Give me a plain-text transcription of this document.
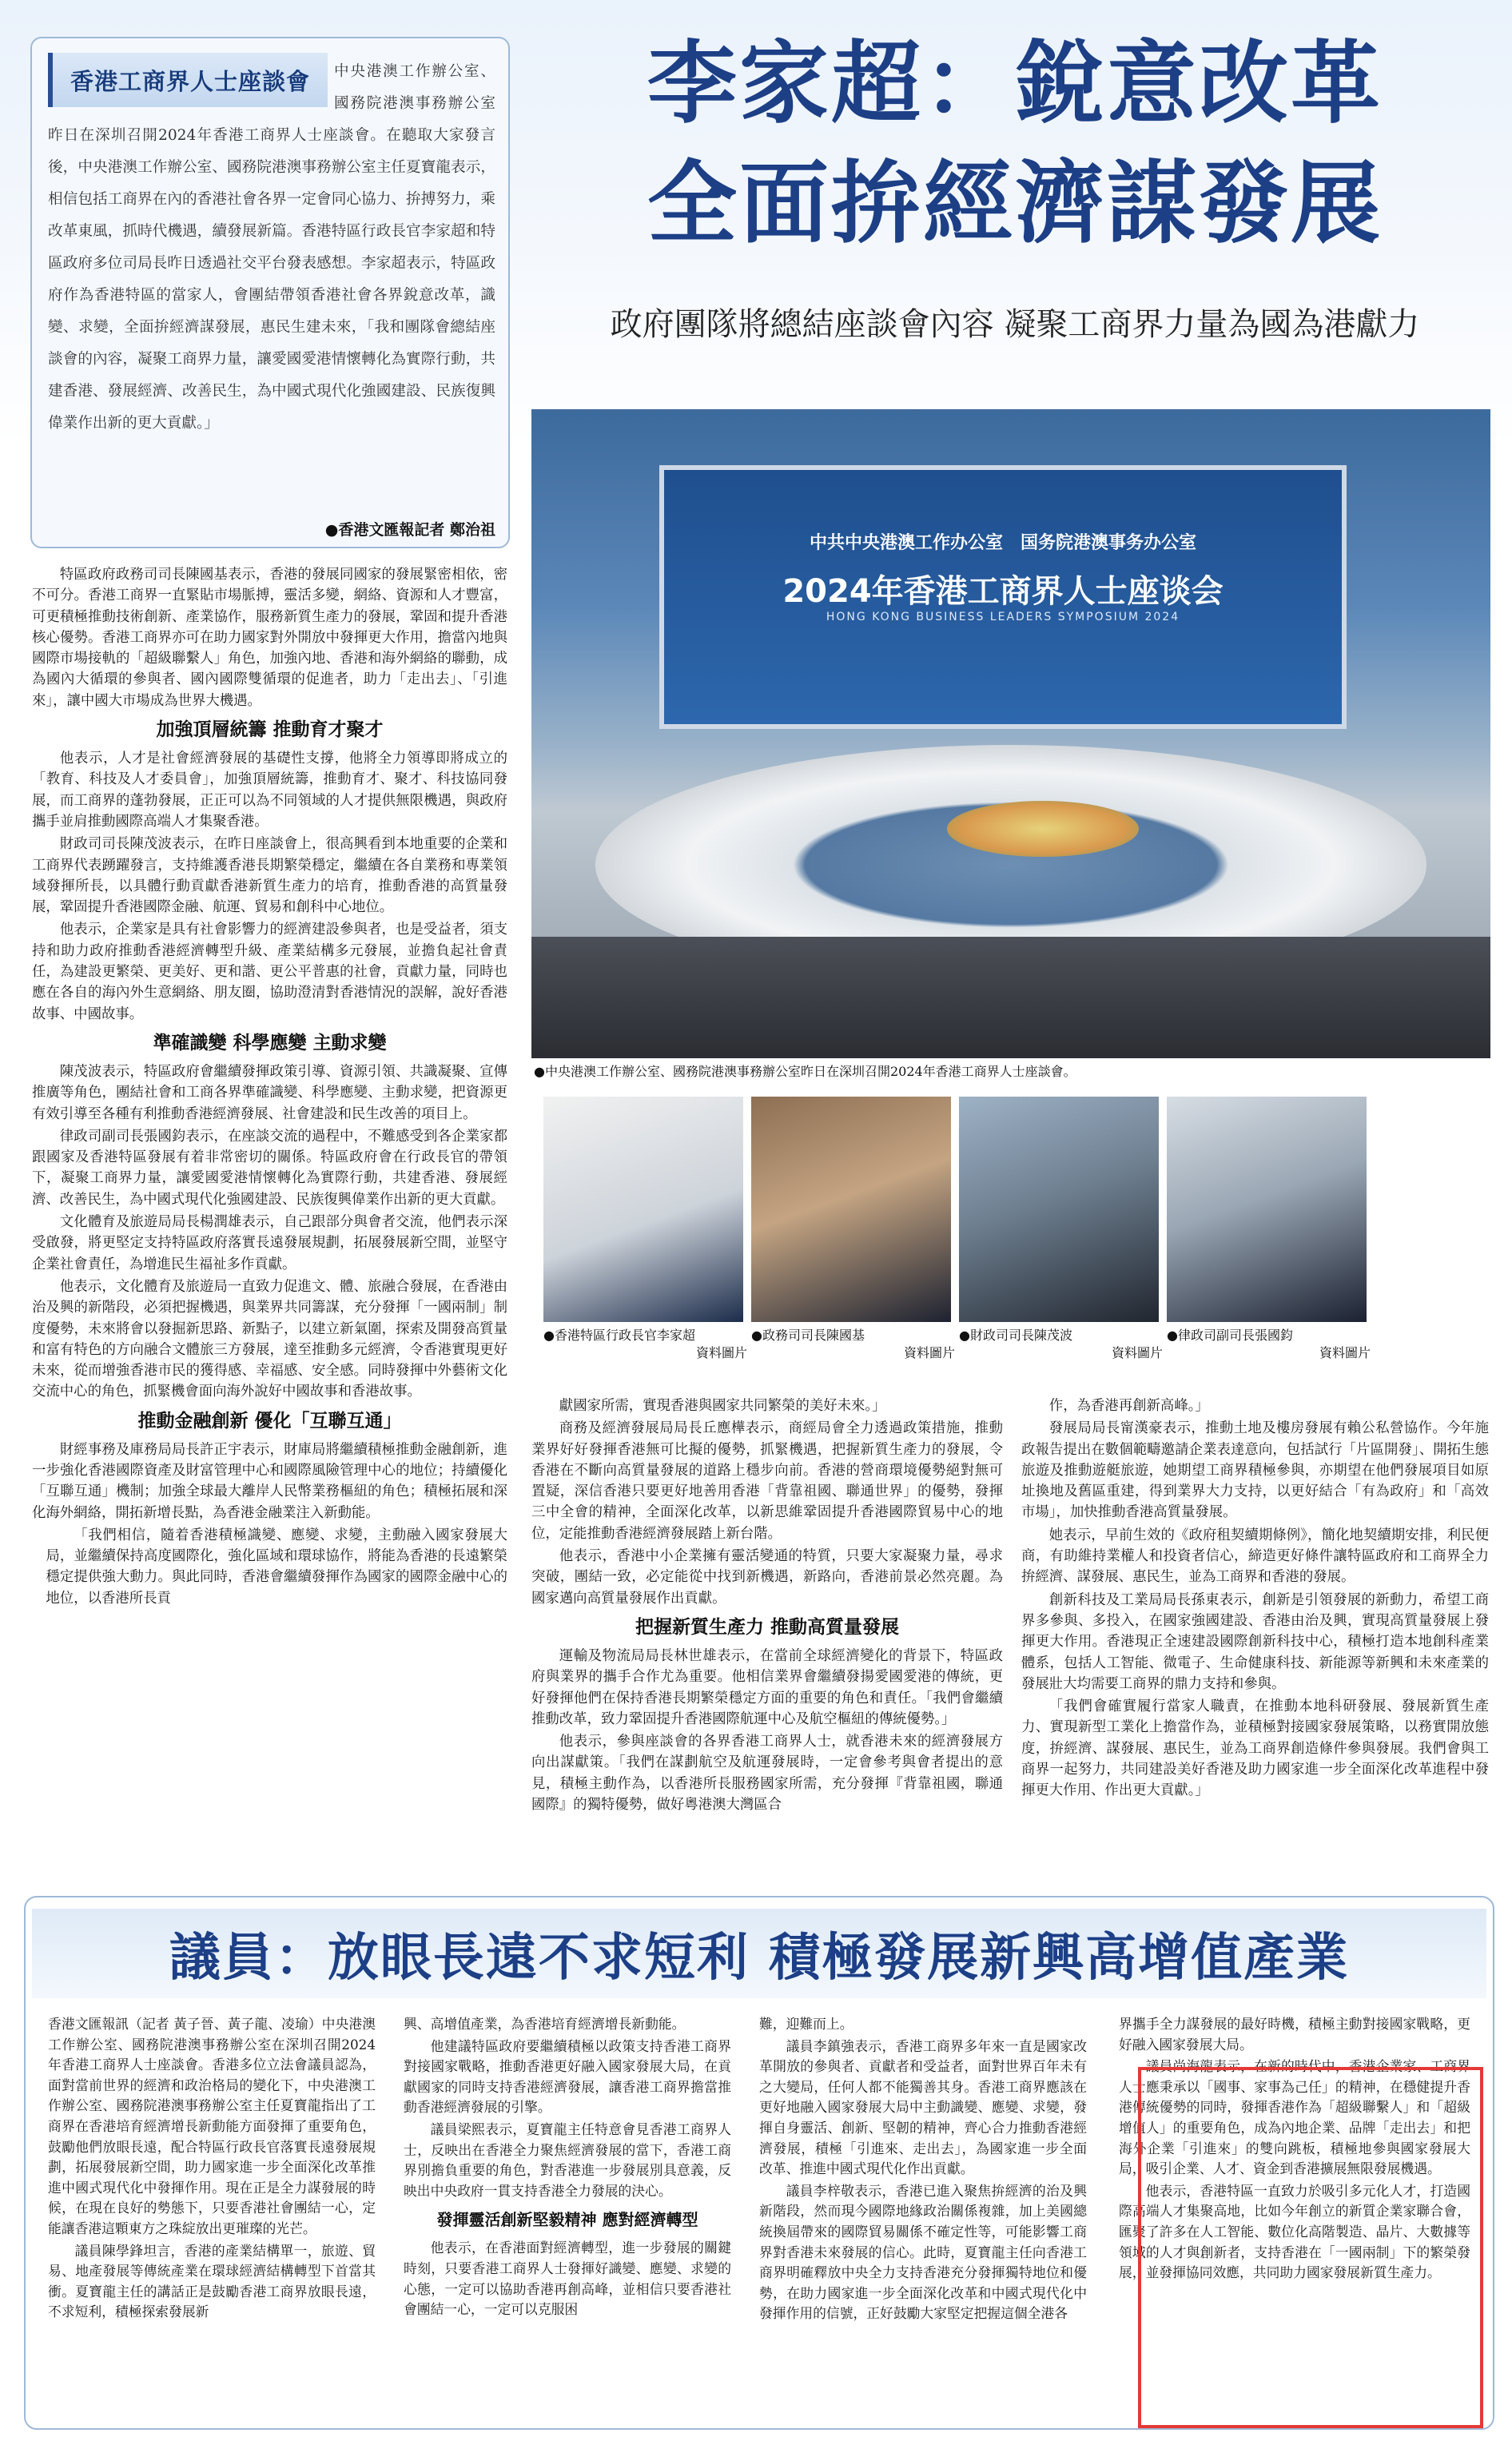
香港工商界人士座談會	中央港澳工作辦公室、國務院港澳事務辦公室昨日在深圳召開2024年香港工商界人士座談會。在聽取大家發言後，中央港澳工作辦公室、國務院港澳事務辦公室主任夏寶龍表示，相信包括工商界在內的香港社會各界一定會同心協力、拚搏努力，乘改革東風，抓時代機遇，續發展新篇。香港特區行政長官李家超和特區政府多位司局長昨日透過社交平台發表感想。李家超表示，特區政府作為香港特區的當家人，會團結帶領香港社會各界銳意改革，識變、求變，全面拚經濟謀發展，惠民生建未來，「我和團隊會總結座談會的內容，凝聚工商界力量，讓愛國愛港情懷轉化為實際行動，共建香港、發展經濟、改善民生，為中國式現代化強國建設、民族復興偉業作出新的更大貢獻。」
●香港文匯報記者 鄭治祖
李家超：銳意改革
全面拚經濟謀發展
政府團隊將總結座談會內容 凝聚工商界力量為國為港獻力
中共中央港澳工作办公室　国务院港澳事务办公室
2024年香港工商界人士座谈会
HONG KONG BUSINESS LEADERS SYMPOSIUM 2024
●中央港澳工作辦公室、國務院港澳事務辦公室昨日在深圳召開2024年香港工商界人士座談會。
●香港特區行政長官李家超
資料圖片
●政務司司長陳國基
資料圖片
●財政司司長陳茂波
資料圖片
●律政司副司長張國鈞
資料圖片

特區政府政務司司長陳國基表示，香港的發展同國家的發展緊密相依，密不可分。香港工商界一直緊貼市場脈搏，靈活多變，網絡、資源和人才豐富，可更積極推動技術創新、產業協作，服務新質生產力的發展，鞏固和提升香港核心優勢。香港工商界亦可在助力國家對外開放中發揮更大作用，擔當內地與國際市場接軌的「超級聯繫人」角色，加強內地、香港和海外網絡的聯動，成為國內大循環的參與者、國內國際雙循環的促進者，助力「走出去」、「引進來」，讓中國大市場成為世界大機遇。

加強頂層統籌 推動育才聚才

他表示，人才是社會經濟發展的基礎性支撐，他將全力領導即將成立的「教育、科技及人才委員會」，加強頂層統籌，推動育才、聚才、科技協同發展，而工商界的蓬勃發展，正正可以為不同領域的人才提供無限機遇，與政府攜手並肩推動國際高端人才集聚香港。

財政司司長陳茂波表示，在昨日座談會上，很高興看到本地重要的企業和工商界代表踴躍發言，支持維護香港長期繁榮穩定，繼續在各自業務和專業領域發揮所長，以具體行動貢獻香港新質生產力的培育，推動香港的高質量發展，鞏固提升香港國際金融、航運、貿易和創科中心地位。

他表示，企業家是具有社會影響力的經濟建設參與者，也是受益者，須支持和助力政府推動香港經濟轉型升級、產業結構多元發展，並擔負起社會責任，為建設更繁榮、更美好、更和諧、更公平普惠的社會，貢獻力量，同時也應在各自的海內外生意網絡、朋友圈，協助澄清對香港情況的誤解，說好香港故事、中國故事。

準確識變 科學應變 主動求變

陳茂波表示，特區政府會繼續發揮政策引導、資源引領、共識凝聚、宣傳推廣等角色，團結社會和工商各界準確識變、科學應變、主動求變，把資源更有效引導至各種有利推動香港經濟發展、社會建設和民生改善的項目上。

律政司副司長張國鈞表示，在座談交流的過程中，不難感受到各企業家都跟國家及香港特區發展有着非常密切的關係。特區政府會在行政長官的帶領下，凝聚工商界力量，讓愛國愛港情懷轉化為實際行動，共建香港、發展經濟、改善民生，為中國式現代化強國建設、民族復興偉業作出新的更大貢獻。

文化體育及旅遊局局長楊潤雄表示，自己跟部分與會者交流，他們表示深受啟發，將更堅定支持特區政府落實長遠發展規劃，拓展發展新空間，並堅守企業社會責任，為增進民生福祉多作貢獻。

他表示，文化體育及旅遊局一直致力促進文、體、旅融合發展，在香港由治及興的新階段，必須把握機遇，與業界共同籌謀，充分發揮「一國兩制」制度優勢，未來將會以發掘新思路、新點子，以建立新氣圍，探索及開發高質量和富有特色的方向融合文體旅三方發展，達至推動多元經濟，令香港實現更好未來，從而增強香港市民的獲得感、幸福感、安全感。同時發揮中外藝術文化交流中心的角色，抓緊機會面向海外說好中國故事和香港故事。

推動金融創新 優化「互聯互通」

財經事務及庫務局局長許正宇表示，財庫局將繼續積極推動金融創新，進一步強化香港國際資產及財富管理中心和國際風險管理中心的地位；持續優化「互聯互通」機制；加強全球最大離岸人民幣業務樞紐的角色；積極拓展和深化海外網絡，開拓新增長點，為香港金融業注入新動能。

「我們相信，隨着香港積極識變、應變、求變，主動融入國家發展大局，並繼續保持高度國際化，強化區域和環球協作，將能為香港的長遠繁榮穩定提供強大動力。與此同時，香港會繼續發揮作為國家的國際金融中心的地位，以香港所長貢

獻國家所需，實現香港與國家共同繁榮的美好未來。」

商務及經濟發展局局長丘應樺表示，商經局會全力透過政策措施，推動業界好好發揮香港無可比擬的優勢，抓緊機遇，把握新質生產力的發展，令香港在不斷向高質量發展的道路上穩步向前。香港的營商環境優勢絕對無可置疑，深信香港只要更好地善用香港「背靠祖國、聯通世界」的優勢，發揮三中全會的精神，全面深化改革，以新思維鞏固提升香港國際貿易中心的地位，定能推動香港經濟發展踏上新台階。

他表示，香港中小企業擁有靈活變通的特質，只要大家凝聚力量，尋求突破，團結一致，必定能從中找到新機遇，新路向，香港前景必然亮麗。為國家邁向高質量發展作出貢獻。

把握新質生產力 推動高質量發展

運輸及物流局局長林世雄表示，在當前全球經濟變化的背景下，特區政府與業界的攜手合作尤為重要。他相信業界會繼續發揚愛國愛港的傳統，更好發揮他們在保持香港長期繁榮穩定方面的重要的角色和責任。「我們會繼續推動改革，致力鞏固提升香港國際航運中心及航空樞紐的傳統優勢。」

他表示，參與座談會的各界香港工商界人士，就香港未來的經濟發展方向出謀獻策。「我們在謀劃航空及航運發展時，一定會參考與會者提出的意見，積極主動作為，以香港所長服務國家所需，充分發揮『背靠祖國，聯通國際』的獨特優勢，做好粵港澳大灣區合

作，為香港再創新高峰。」

發展局局長甯漢豪表示，推動土地及樓房發展有賴公私營協作。今年施政報告提出在數個範疇邀請企業表達意向，包括試行「片區開發」、開拓生態旅遊及推動遊艇旅遊，她期望工商界積極參與，亦期望在他們發展項目如原址換地及舊區重建，得到業界大力支持，以更好結合「有為政府」和「高效市場」，加快推動香港高質量發展。

她表示，早前生效的《政府租契續期條例》，簡化地契續期安排，利民便商，有助維持業權人和投資者信心，締造更好條件讓特區政府和工商界全力拚經濟、謀發展、惠民生，並為工商界和香港的發展。

創新科技及工業局局長孫東表示，創新是引領發展的新動力，希望工商界多參與、多投入，在國家強國建設、香港由治及興，實現高質量發展上發揮更大作用。香港現正全速建設國際創新科技中心，積極打造本地創科產業體系，包括人工智能、微電子、生命健康科技、新能源等新興和未來產業的發展壯大均需要工商界的鼎力支持和參與。

「我們會確實履行當家人職責，在推動本地科研發展、發展新質生產力、實現新型工業化上擔當作為，並積極對接國家發展策略，以務實開放態度，拚經濟、謀發展、惠民生，並為工商界創造條件參與發展。我們會與工商界一起努力，共同建設美好香港及助力國家進一步全面深化改革進程中發揮更大作用、作出更大貢獻。」

議員：放眼長遠不求短利 積極發展新興高增值產業

香港文匯報訊（記者 黃子晉、黃子龍、凌瑜）中央港澳工作辦公室、國務院港澳事務辦公室在深圳召開2024年香港工商界人士座談會。香港多位立法會議員認為，面對當前世界的經濟和政治格局的變化下，中央港澳工作辦公室、國務院港澳事務辦公室主任夏寶龍指出了工商界在香港培育經濟增長新動能方面發揮了重要角色，鼓勵他們放眼長遠，配合特區行政長官落實長遠發展規劃，拓展發展新空間，助力國家進一步全面深化改革推進中國式現代化中發揮作用。現在正是全力謀發展的時候，在現在良好的勢態下，只要香港社會團結一心，定能讓香港這顆東方之珠綻放出更璀璨的光芒。

議員陳學鋒坦言，香港的產業結構單一，旅遊、貿易、地產發展等傳統產業在環球經濟結構轉型下首當其衝。夏寶龍主任的講話正是鼓勵香港工商界放眼長遠，不求短利，積極探索發展新

興、高增值產業，為香港培育經濟增長新動能。

他建議特區政府要繼續積極以政策支持香港工商界對接國家戰略，推動香港更好融入國家發展大局，在貢獻國家的同時支持香港經濟發展，讓香港工商界擔當推動香港經濟發展的引擎。

議員梁熙表示，夏寶龍主任特意會見香港工商界人士，反映出在香港全力聚焦經濟發展的當下，香港工商界別擔負重要的角色，對香港進一步發展別具意義，反映出中央政府一貫支持香港全力發展的決心。

發揮靈活創新堅毅精神 應對經濟轉型

他表示，在香港面對經濟轉型，進一步發展的關鍵時刻，只要香港工商界人士發揮好識變、應變、求變的心態，一定可以協助香港再創高峰，並相信只要香港社會團結一心，一定可以克服困

難，迎難而上。

議員李鎮強表示，香港工商界多年來一直是國家改革開放的參與者、貢獻者和受益者，面對世界百年未有之大變局，任何人都不能獨善其身。香港工商界應該在更好地融入國家發展大局中主動識變、應變、求變，發揮自身靈活、創新、堅韌的精神，齊心合力推動香港經濟發展，積極「引進來、走出去」，為國家進一步全面改革、推進中國式現代化作出貢獻。

議員李梓敬表示，香港已進入聚焦拚經濟的治及興新階段，然而現今國際地緣政治關係複雜，加上美國總統換屆帶來的國際貿易關係不確定性等，可能影響工商界對香港未來發展的信心。此時，夏寶龍主任向香港工商界明確釋放中央全力支持香港充分發揮獨特地位和優勢，在助力國家進一步全面深化改革和中國式現代化中發揮作用的信號，正好鼓勵大家堅定把握這個全港各

界攜手全力謀發展的最好時機，積極主動對接國家戰略，更好融入國家發展大局。

議員尚海龍表示，在新的時代中，香港企業家、工商界人士應秉承以「國事、家事為己任」的精神，在穩健提升香港傳統優勢的同時，發揮香港作為「超級聯繫人」和「超級增值人」的重要角色，成為內地企業、品牌「走出去」和把海外企業「引進來」的雙向跳板，積極地參與國家發展大局，吸引企業、人才、資金到香港擴展無限發展機遇。

他表示，香港特區一直致力於吸引多元化人才，打造國際高端人才集聚高地，比如今年創立的新質企業家聯合會，匯聚了許多在人工智能、數位化高階製造、晶片、大數據等領域的人才與創新者，支持香港在「一國兩制」下的繁榮發展，並發揮協同效應，共同助力國家發展新質生產力。
